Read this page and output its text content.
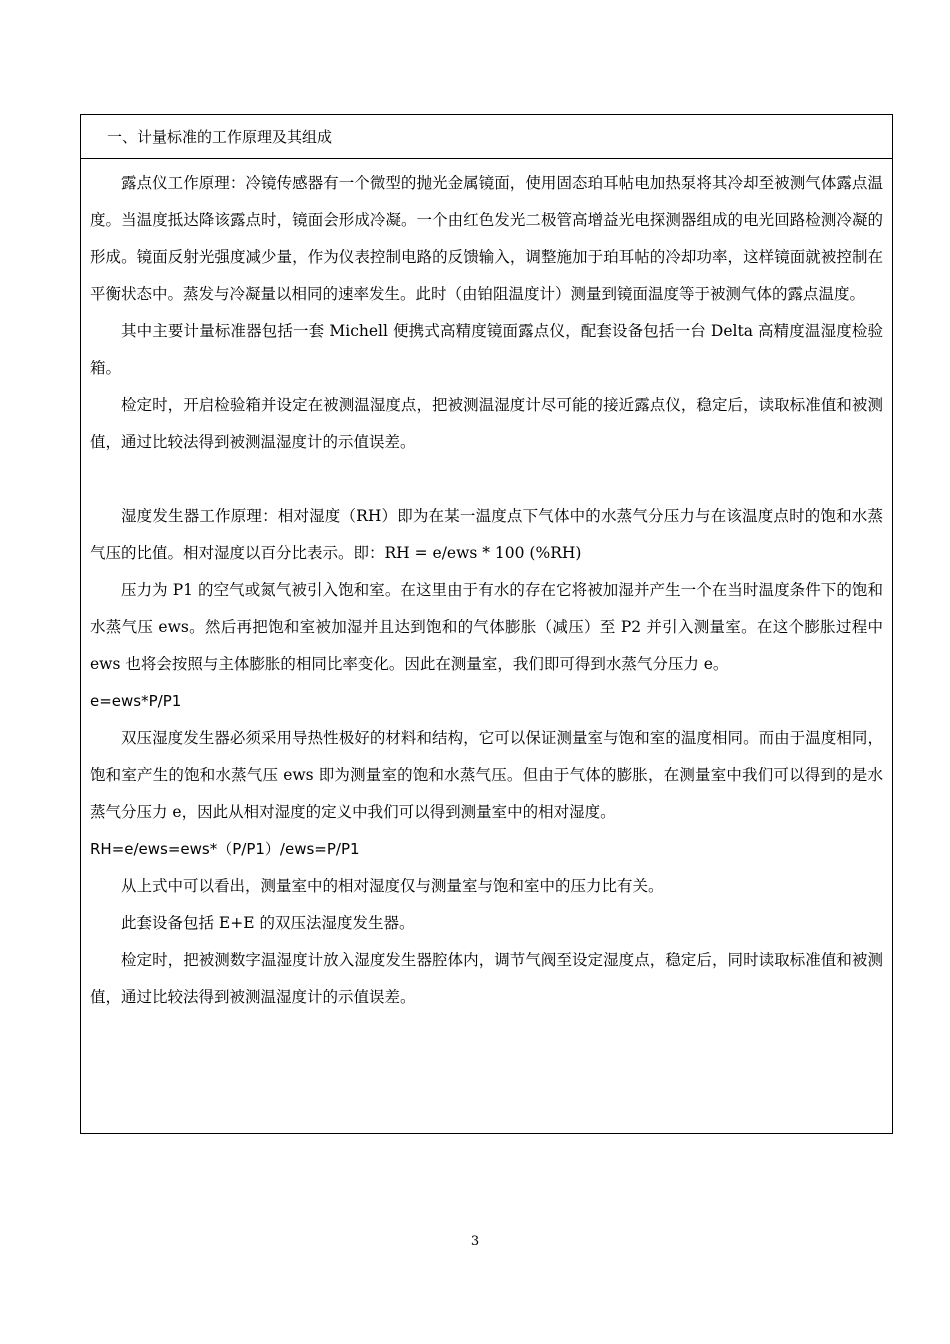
一、计量标准的工作原理及其组成

露点仪工作原理：冷镜传感器有一个微型的抛光金属镜面，使用固态珀耳帖电加热泵将其冷却至被测气体露点温度。当温度抵达降该露点时，镜面会形成冷凝。一个由红色发光二极管高增益光电探测器组成的电光回路检测冷凝的形成。镜面反射光强度减少量，作为仪表控制电路的反馈输入，调整施加于珀耳帖的冷却功率，这样镜面就被控制在平衡状态中。蒸发与冷凝量以相同的速率发生。此时（由铂阻温度计）测量到镜面温度等于被测气体的露点温度。

其中主要计量标准器包括一套 Michell 便携式高精度镜面露点仪，配套设备包括一台 Delta 高精度温湿度检验箱。

检定时，开启检验箱并设定在被测温湿度点，把被测温湿度计尽可能的接近露点仪，稳定后，读取标准值和被测值，通过比较法得到被测温湿度计的示值误差。

湿度发生器工作原理：相对湿度（RH）即为在某一温度点下气体中的水蒸气分压力与在该温度点时的饱和水蒸气压的比值。相对湿度以百分比表示。即：RH = e/ews * 100 (%RH)

压力为 P1 的空气或氮气被引入饱和室。在这里由于有水的存在它将被加湿并产生一个在当时温度条件下的饱和水蒸气压 ews。然后再把饱和室被加湿并且达到饱和的气体膨胀（减压）至 P2 并引入测量室。在这个膨胀过程中 ews 也将会按照与主体膨胀的相同比率变化。因此在测量室，我们即可得到水蒸气分压力 e。

e=ews*P/P1

双压湿度发生器必须采用导热性极好的材料和结构，它可以保证测量室与饱和室的温度相同。而由于温度相同，饱和室产生的饱和水蒸气压 ews 即为测量室的饱和水蒸气压。但由于气体的膨胀，在测量室中我们可以得到的是水蒸气分压力 e，因此从相对湿度的定义中我们可以得到测量室中的相对湿度。

RH=e/ews=ews*（P/P1）/ews=P/P1

从上式中可以看出，测量室中的相对湿度仅与测量室与饱和室中的压力比有关。

此套设备包括 E+E 的双压法湿度发生器。

检定时，把被测数字温湿度计放入湿度发生器腔体内，调节气阀至设定湿度点，稳定后，同时读取标准值和被测值，通过比较法得到被测温湿度计的示值误差。

3
